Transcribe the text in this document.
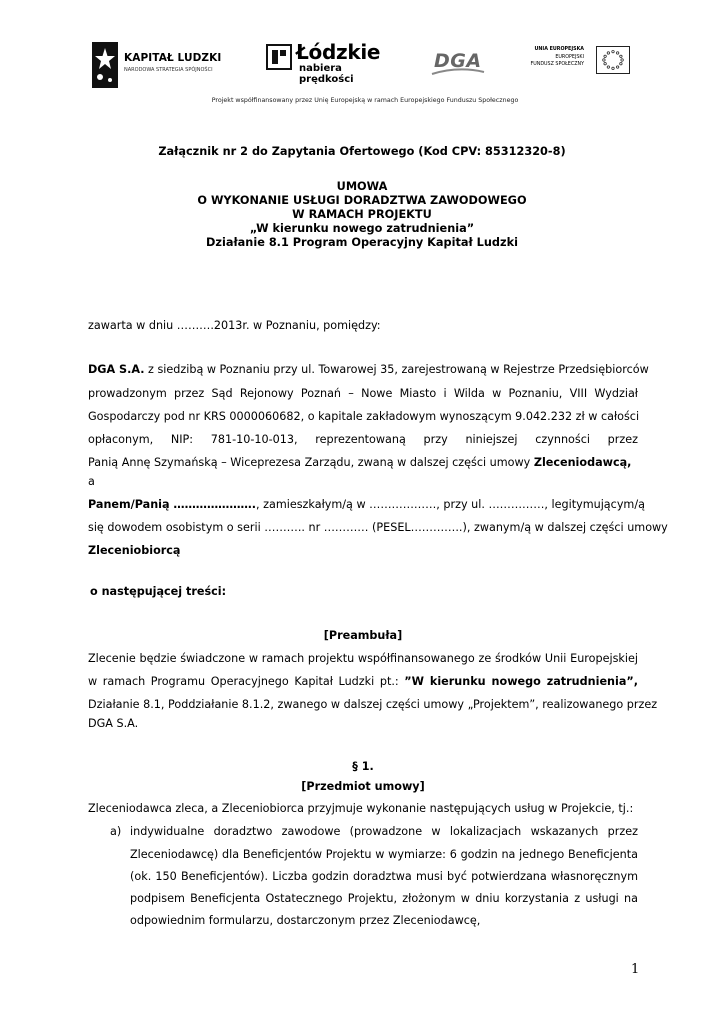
KAPITAŁ LUDZKI
NARODOWA STRATEGIA SPÓJNOŚCI
Łódzkie
nabiera prędkości
DGA
UNIA EUROPEJSKA
EUROPEJSKI
FUNDUSZ SPOŁECZNY
Projekt współfinansowany przez Unię Europejską w ramach Europejskiego Funduszu Społecznego
Załącznik nr 2 do Zapytania Ofertowego (Kod CPV: 85312320-8)
UMOWA
O WYKONANIE USŁUGI DORADZTWA ZAWODOWEGO
W RAMACH PROJEKTU
„W kierunku nowego zatrudnienia”
Działanie 8.1 Program Operacyjny Kapitał Ludzki
zawarta w dniu ……….2013r. w Poznaniu, pomiędzy:
DGA S.A. z siedzibą w Poznaniu przy ul. Towarowej 35, zarejestrowaną w Rejestrze Przedsiębiorców
prowadzonym przez Sąd Rejonowy Poznań – Nowe Miasto i Wilda w Poznaniu, VIII Wydział
Gospodarczy pod nr KRS 0000060682, o kapitale zakładowym wynoszącym 9.042.232 zł w całości
opłaconym, NIP: 781-10-10-013, reprezentowaną przy niniejszej czynności przez
Panią Annę Szymańską – Wiceprezesa Zarządu, zwaną w dalszej części umowy Zleceniodawcą,
a
Panem/Panią …………………., zamieszkałym/ą w ………………, przy ul. ……………, legitymującym/ą
się dowodem osobistym o serii ……….. nr ………… (PESEL…………..), zwanym/ą w dalszej części umowy
Zleceniobiorcą
o następującej treści:
[Preambuła]
Zlecenie będzie świadczone w ramach projektu współfinansowanego ze środków Unii Europejskiej
w ramach Programu Operacyjnego Kapitał Ludzki pt.: ”W kierunku nowego zatrudnienia”,
Działanie 8.1, Poddziałanie 8.1.2, zwanego w dalszej części umowy „Projektem”, realizowanego przez
DGA S.A.
§ 1.
[Przedmiot umowy]
Zleceniodawca zleca, a Zleceniobiorca przyjmuje wykonanie następujących usług w Projekcie, tj.:
a) indywidualne doradztwo zawodowe (prowadzone w lokalizacjach wskazanych przez
Zleceniodawcę) dla Beneficjentów Projektu w wymiarze: 6 godzin na jednego Beneficjenta
(ok. 150 Beneficjentów). Liczba godzin doradztwa musi być potwierdzana własnoręcznym
podpisem Beneficjenta Ostatecznego Projektu, złożonym w dniu korzystania z usługi na
odpowiednim formularzu, dostarczonym przez Zleceniodawcę,
1
